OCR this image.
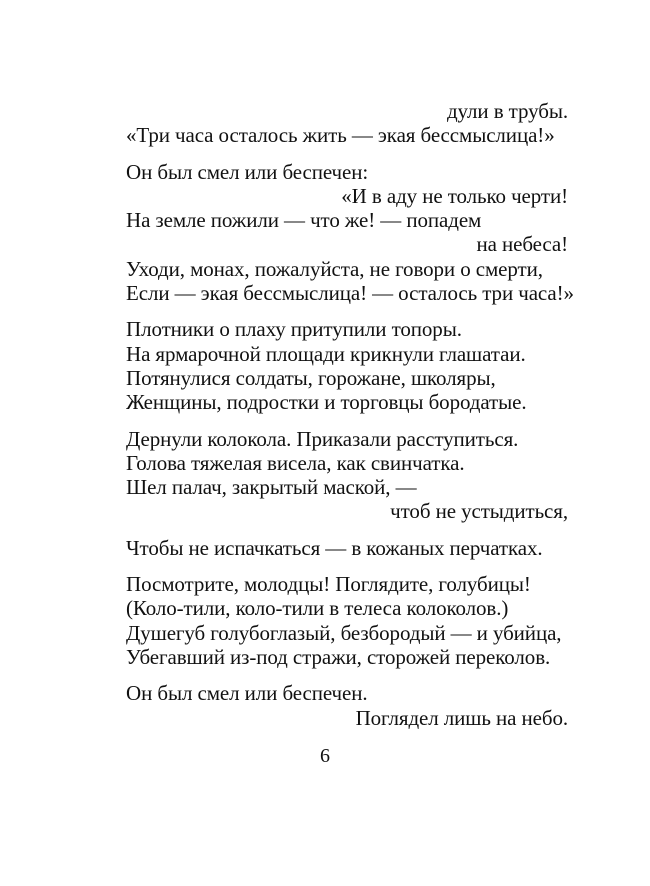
дули в трубы.
«Три часа осталось жить — экая бессмыслица!»
Он был смел или беспечен:
«И в аду не только черти!
На земле пожили — что же! — попадем
на небеса!
Уходи, монах, пожалуйста, не говори о смерти,
Если — экая бессмыслица! — осталось три часа!»
Плотники о плаху притупили топоры.
На ярмарочной площади крикнули глашатаи.
Потянулися солдаты, горожане, школяры,
Женщины, подростки и торговцы бородатые.
Дернули колокола. Приказали расступиться.
Голова тяжелая висела, как свинчатка.
Шел палач, закрытый маской, —
чтоб не устыдиться,
Чтобы не испачкаться — в кожаных перчатках.
Посмотрите, молодцы! Поглядите, голубицы!
(Коло-тили, коло-тили в телеса колоколов.)
Душегуб голубоглазый, безбородый — и убийца,
Убегавший из-под стражи, сторожей переколов.
Он был смел или беспечен.
Поглядел лишь на небо.
6
